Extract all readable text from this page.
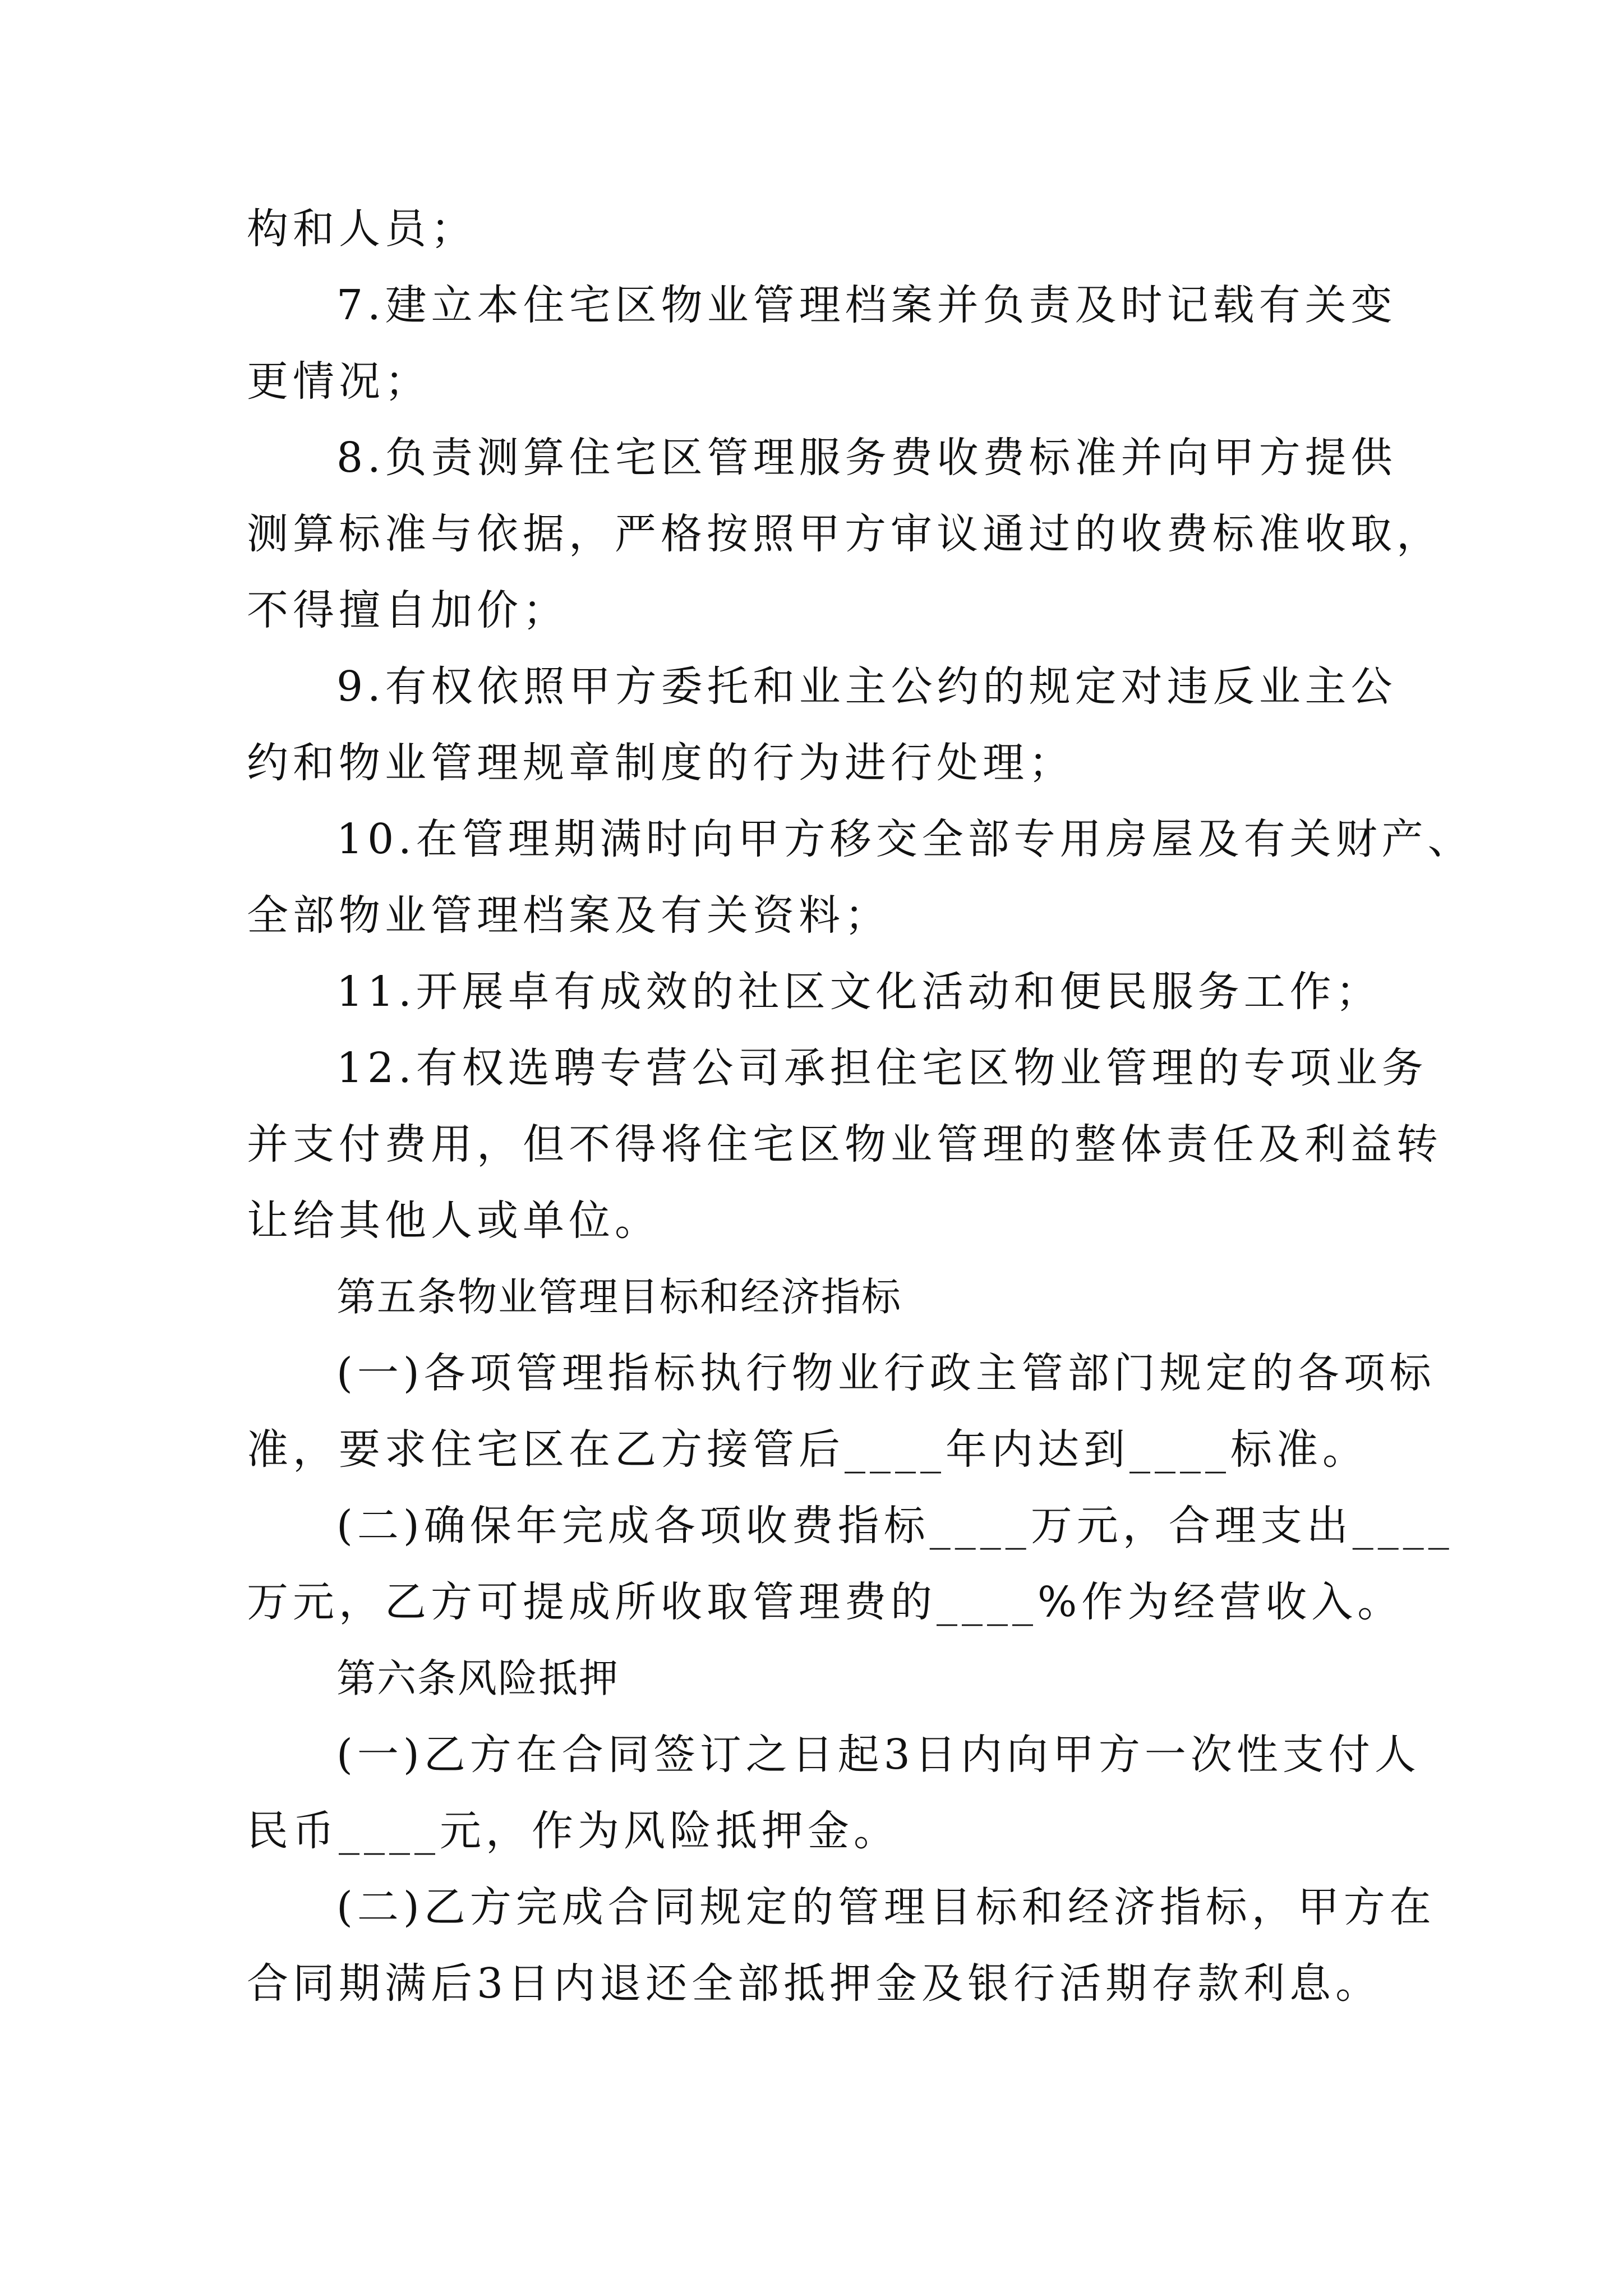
构和人员；
7.建立本住宅区物业管理档案并负责及时记载有关变
更情况；
8.负责测算住宅区管理服务费收费标准并向甲方提供
测算标准与依据，严格按照甲方审议通过的收费标准收取，
不得擅自加价；
9.有权依照甲方委托和业主公约的规定对违反业主公
约和物业管理规章制度的行为进行处理；
10.在管理期满时向甲方移交全部专用房屋及有关财产、
全部物业管理档案及有关资料；
11.开展卓有成效的社区文化活动和便民服务工作；
12.有权选聘专营公司承担住宅区物业管理的专项业务
并支付费用，但不得将住宅区物业管理的整体责任及利益转
让给其他人或单位。
第五条物业管理目标和经济指标
(一)各项管理指标执行物业行政主管部门规定的各项标
准，要求住宅区在乙方接管后____年内达到____标准。
(二)确保年完成各项收费指标____万元，合理支出____
万元，乙方可提成所收取管理费的____%作为经营收入。
第六条风险抵押
(一)乙方在合同签订之日起3日内向甲方一次性支付人
民币____元，作为风险抵押金。
(二)乙方完成合同规定的管理目标和经济指标，甲方在
合同期满后3日内退还全部抵押金及银行活期存款利息。
